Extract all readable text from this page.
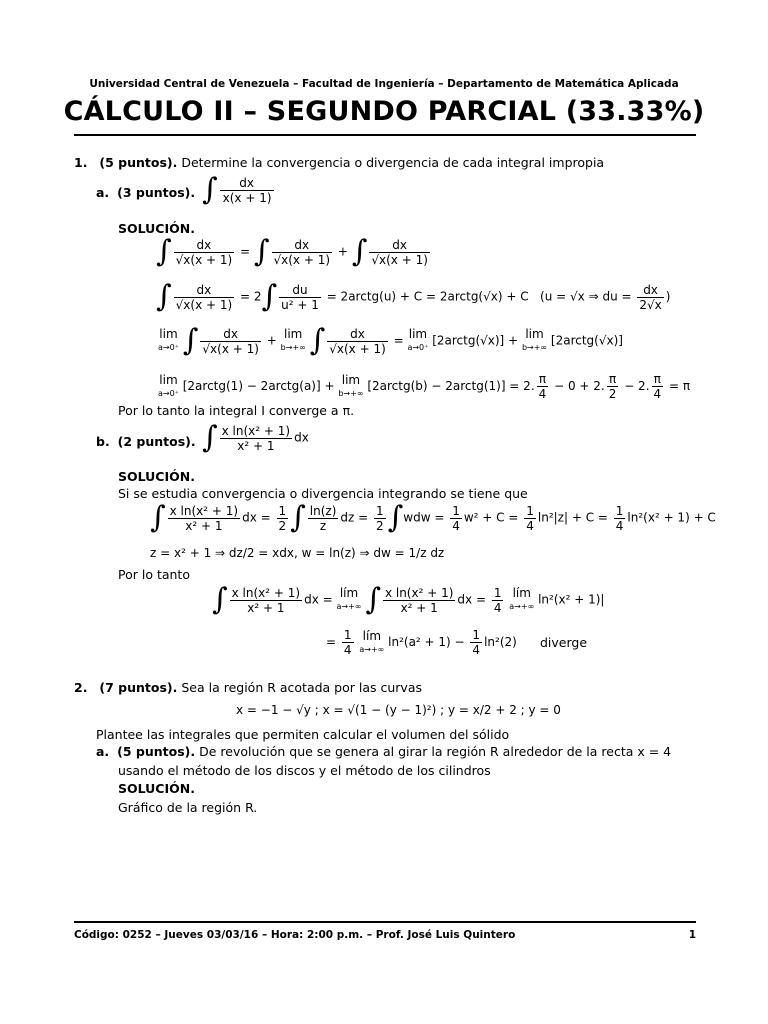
Universidad Central de Venezuela – Facultad de Ingeniería – Departamento de Matemática Aplicada
CÁLCULO II – SEGUNDO PARCIAL (33.33%)
1. (5 puntos). Determine la convergencia o divergencia de cada integral impropia
a. (3 puntos). ∫ $\frac{dx}{x(x + 1)}$
SOLUCIÓN.
∫ $\frac{dx}{√x(x + 1)}$ = ∫ $\frac{dx}{√x(x + 1)}$ + ∫ $\frac{dx}{√x(x + 1)}$
∫ $\frac{dx}{√x(x + 1)} = 2\int \frac{du}{\text{u² + 1}}$ = 2arctg(u) + C = 2arctg(√x) + C   (u = √x ⇒ du = $\frac{dx}{2√x}$ )
lim
a→0⁺ ∫ $\frac{dx}{√x(x + 1)} + \lim$
b→+∞ ∫ $\frac{dx}{√x(x + 1)} = \lim$
a→0⁺ [2arctg(√x)] + lim
b→+∞ [2arctg(√x)]
lim
a→0⁺ [2arctg(1) − 2arctg(a)] + lim
b→+∞ [2arctg(b) − 2arctg(1)] = 2. $\frac{\pi}{4} - 0 + 2$. $\frac{\pi}{2} - 2$. $\frac{\pi}{4} = \pi$
Por lo tanto la integral I converge a π.
b. (2 puntos). ∫ $\frac{\text{x ln(x² + 1)}}{\text{x² + 1}}$ dx
SOLUCIÓN.
Si se estudia convergencia o divergencia integrando se tiene que
∫ $\frac{\text{x ln(x² + 1)}}{\text{x² + 1}}$ dx = $\frac{1}{2}$ ∫ $\frac{\ln(z)}{z}$ dz = $\frac{1}{2} \int wdw = \frac{1}{4} w^2 + C = \frac{1}{4} \ln^2|z| + C = \frac{1}{4} \ln^2(x^2 + 1) + C$
z = x² + 1 ⇒ dz/2 = xdx, w = ln(z) ⇒ dw = 1/z dz
Por lo tanto
∫ $\frac{\text{x ln(x² + 1)}}{\text{x² + 1}}$ dx = lím
a→+∞ ∫ $\frac{\text{x ln(x² + 1)}}{\text{x² + 1}}$ dx = $\frac{1}{4}$ lím
a→+∞ ln²(x² + 1)|
= $\frac{1}{4}$ lím
a→+∞ $\ln^2(a^2 + 1) - \frac{1}{4} \ln^2(2)$ diverge
2. (7 puntos). Sea la región R acotada por las curvas
x = −1 − √y ; x = √(1 − (y − 1)²) ; y = x/2 + 2 ; y = 0
Plantee las integrales que permiten calcular el volumen del sólido
a. (5 puntos). De revolución que se genera al girar la región R alrededor de la recta x = 4
usando el método de los discos y el método de los cilindros
SOLUCIÓN.
Gráfico de la región R.
Código: 0252 – Jueves 03/03/16 – Hora: 2:00 p.m. – Prof. José Luis Quintero	1
